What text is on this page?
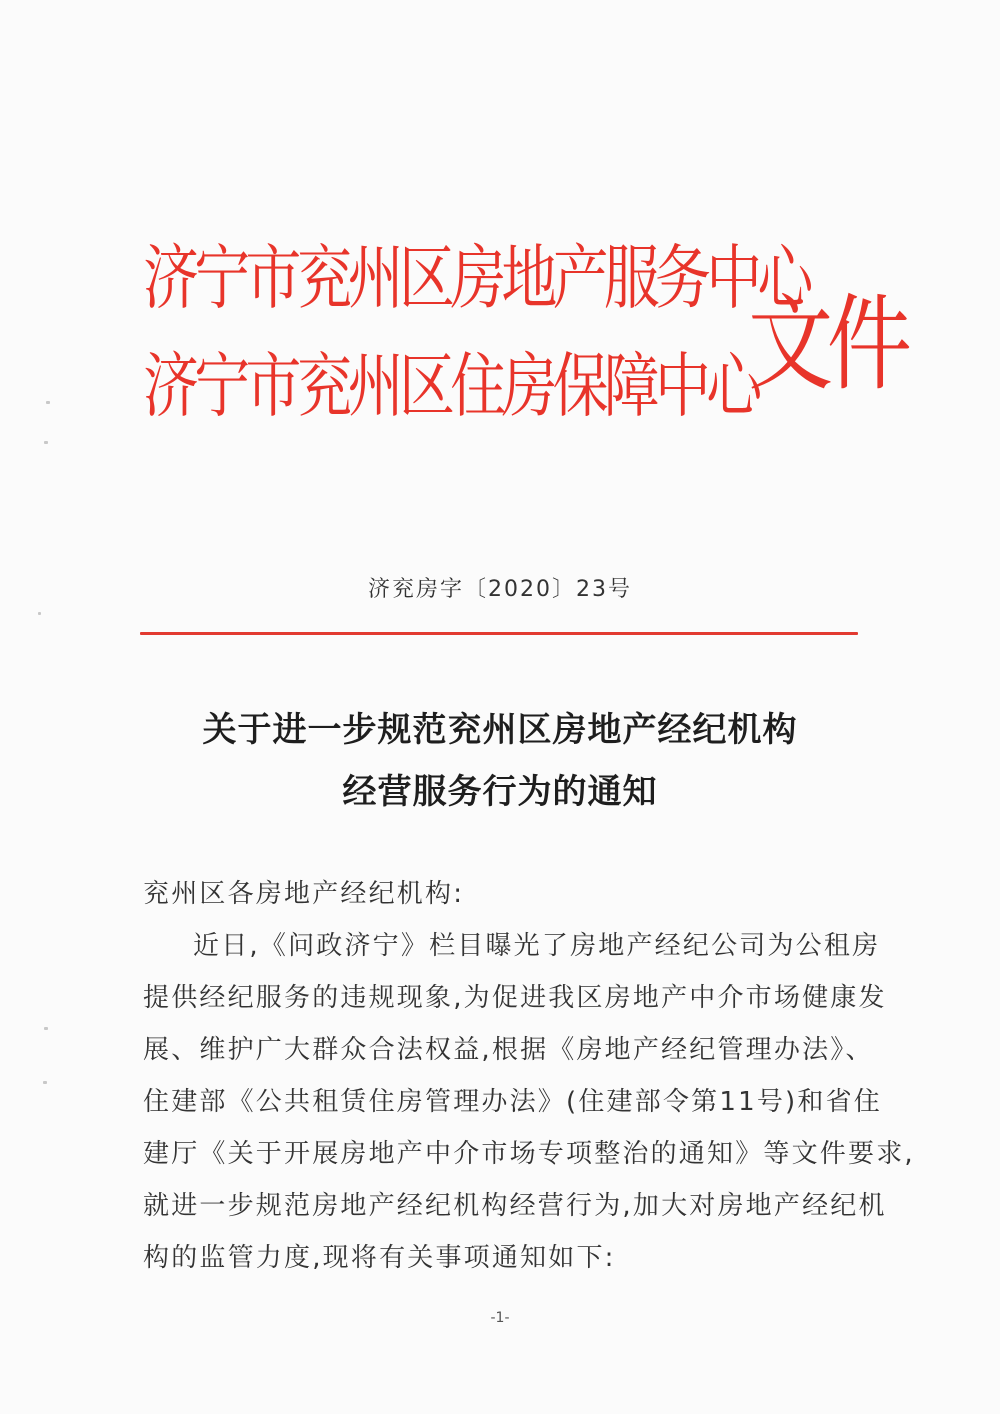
济宁市兖州区房地产服务中心
济宁市兖州区住房保障中心
文件
济兖房字〔2020〕23号
关于进一步规范兖州区房地产经纪机构
经营服务行为的通知
兖州区各房地产经纪机构:

近日,《问政济宁》栏目曝光了房地产经纪公司为公租房

提供经纪服务的违规现象,为促进我区房地产中介市场健康发

展、维护广大群众合法权益,根据《房地产经纪管理办法》、

住建部《公共租赁住房管理办法》(住建部令第11号)和省住

建厅《关于开展房地产中介市场专项整治的通知》等文件要求,

就进一步规范房地产经纪机构经营行为,加大对房地产经纪机

构的监管力度,现将有关事项通知如下:

-1-
